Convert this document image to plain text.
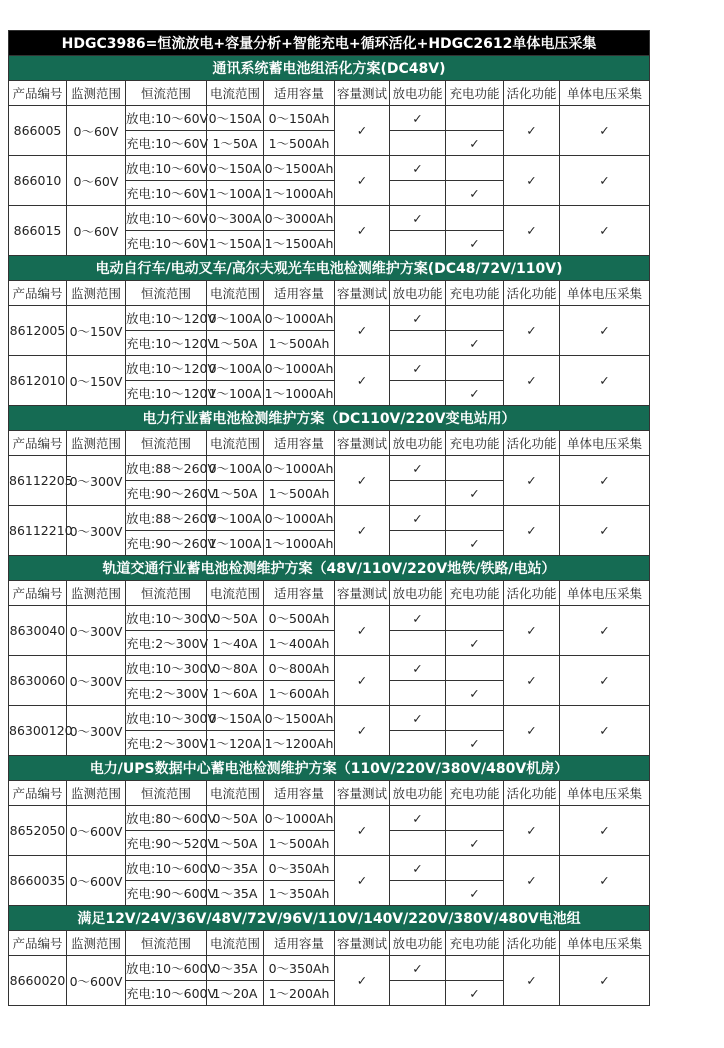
HDGC3986=恒流放电+容量分析+智能充电+循环活化+HDGC2612单体电压采集									
通讯系统蓄电池组活化方案(DC48V)									
产品编号	监测范围	恒流范围	电流范围	适用容量	容量测试	放电功能	充电功能	活化功能	单体电压采集
866005	0〜60V	放电:10〜60V	0〜150A	0〜150Ah	✓	✓		✓	✓
		充电:10〜60V	1〜50A	1〜500Ah			✓		
866010	0〜60V	放电:10〜60V	0〜150A	0〜1500Ah	✓	✓		✓	✓
		充电:10〜60V	1〜100A	1〜1000Ah			✓		
866015	0〜60V	放电:10〜60V	0〜300A	0〜3000Ah	✓	✓		✓	✓
		充电:10〜60V	1〜150A	1〜1500Ah			✓		
电动自行车/电动叉车/高尔夫观光车电池检测维护方案(DC48/72V/110V)									
产品编号	监测范围	恒流范围	电流范围	适用容量	容量测试	放电功能	充电功能	活化功能	单体电压采集
8612005	0〜150V	放电:10〜120V	0〜100A	0〜1000Ah	✓	✓		✓	✓
		充电:10〜120V	1〜50A	1〜500Ah			✓		
8612010	0〜150V	放电:10〜120V	0〜100A	0〜1000Ah	✓	✓		✓	✓
		充电:10〜120V	1〜100A	1〜1000Ah			✓		
电力行业蓄电池检测维护方案（DC110V/220V变电站用）									
产品编号	监测范围	恒流范围	电流范围	适用容量	容量测试	放电功能	充电功能	活化功能	单体电压采集
86112205	0〜300V	放电:88〜260V	0〜100A	0〜1000Ah	✓	✓		✓	✓
		充电:90〜260V	1〜50A	1〜500Ah			✓		
86112210	0〜300V	放电:88〜260V	0〜100A	0〜1000Ah	✓	✓		✓	✓
		充电:90〜260V	1〜100A	1〜1000Ah			✓		
轨道交通行业蓄电池检测维护方案（48V/110V/220V地铁/铁路/电站）									
产品编号	监测范围	恒流范围	电流范围	适用容量	容量测试	放电功能	充电功能	活化功能	单体电压采集
8630040	0〜300V	放电:10〜300V	0〜50A	0〜500Ah	✓	✓		✓	✓
		充电:2〜300V	1〜40A	1〜400Ah			✓		
8630060	0〜300V	放电:10〜300V	0〜80A	0〜800Ah	✓	✓		✓	✓
		充电:2〜300V	1〜60A	1〜600Ah			✓		
86300120	0〜300V	放电:10〜300V	0〜150A	0〜1500Ah	✓	✓		✓	✓
		充电:2〜300V	1〜120A	1〜1200Ah			✓		
电力/UPS数据中心蓄电池检测维护方案（110V/220V/380V/480V机房）									
产品编号	监测范围	恒流范围	电流范围	适用容量	容量测试	放电功能	充电功能	活化功能	单体电压采集
8652050	0〜600V	放电:80〜600V	0〜50A	0〜1000Ah	✓	✓		✓	✓
		充电:90〜520V	1〜50A	1〜500Ah			✓		
8660035	0〜600V	放电:10〜600V	0〜35A	0〜350Ah	✓	✓		✓	✓
		充电:90〜600V	1〜35A	1〜350Ah			✓		
满足12V/24V/36V/48V/72V/96V/110V/140V/220V/380V/480V电池组									
产品编号	监测范围	恒流范围	电流范围	适用容量	容量测试	放电功能	充电功能	活化功能	单体电压采集
8660020	0〜600V	放电:10〜600V	0〜35A	0〜350Ah	✓	✓		✓	✓
		充电:10〜600V	1〜20A	1〜200Ah			✓		
